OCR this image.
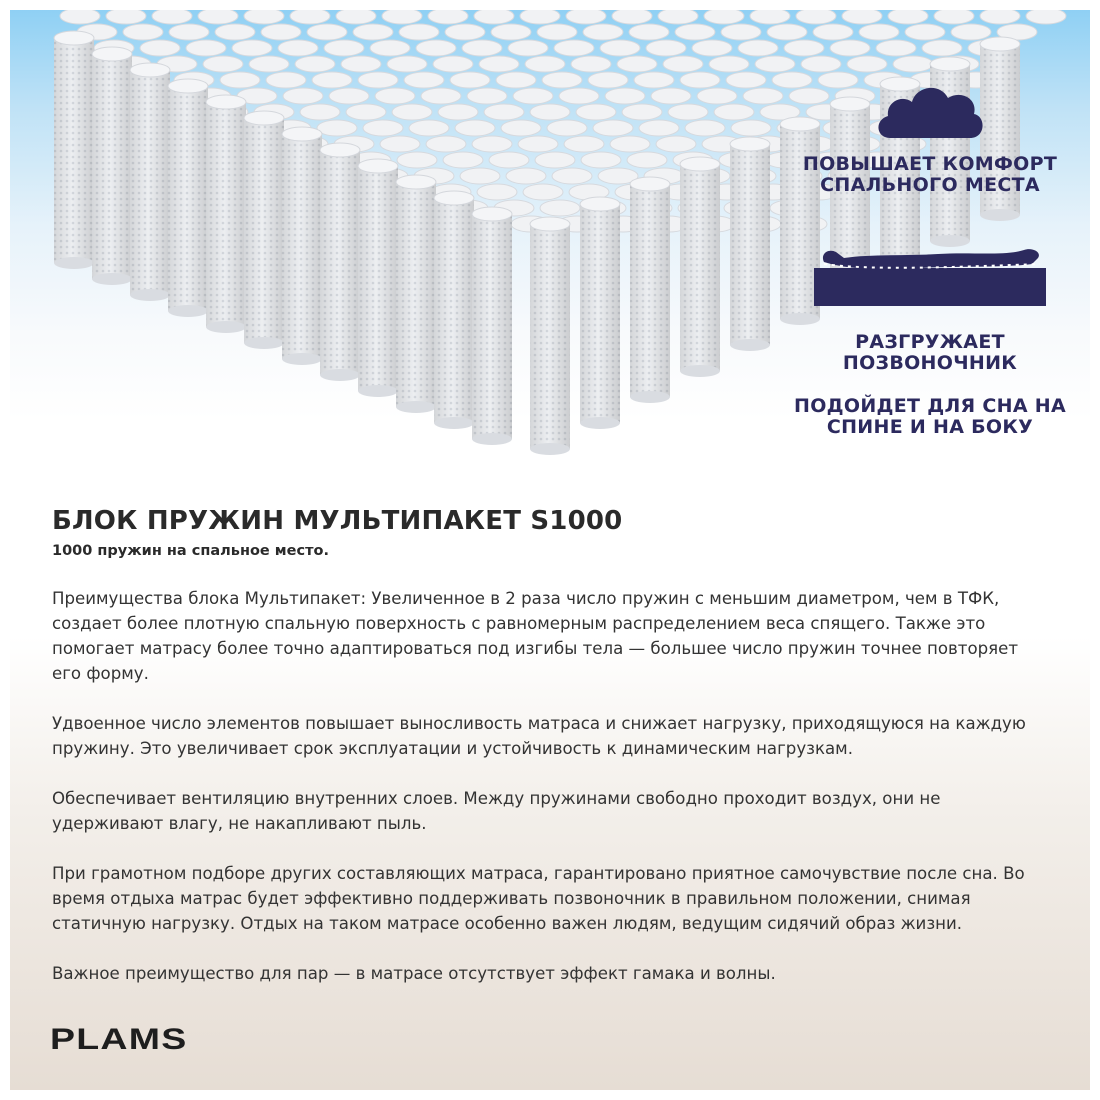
ПОВЫШАЕТ КОМФОРТ СПАЛЬНОГО МЕСТА

РАЗГРУЖАЕТ ПОЗВОНОЧНИК

ПОДОЙДЕТ ДЛЯ СНА НА СПИНЕ И НА БОКУ

БЛОК ПРУЖИН МУЛЬТИПАКЕТ S1000

1000 пружин на спальное место.

Преимущества блока Мультипакет: Увеличенное в 2 раза число пружин с меньшим диаметром, чем в ТФК, создает более плотную спальную поверхность с равномерным распределением веса спящего. Также это помогает матрасу более точно адаптироваться под изгибы тела — большее число пружин точнее повторяет его форму.

Удвоенное число элементов повышает выносливость матраса и снижает нагрузку, приходящуюся на каждую пружину. Это увеличивает срок эксплуатации и устойчивость к динамическим нагрузкам.

Обеспечивает вентиляцию внутренних слоев. Между пружинами свободно проходит воздух, они не удерживают влагу, не накапливают пыль.

При грамотном подборе других составляющих матраса, гарантировано приятное самочувствие после сна. Во время отдыха матрас будет эффективно поддерживать позвоночник в правильном положении, снимая статичную нагрузку. Отдых на таком матрасе особенно важен людям, ведущим сидячий образ жизни.

Важное преимущество для пар — в матрасе отсутствует эффект гамака и волны.

PLAMS
